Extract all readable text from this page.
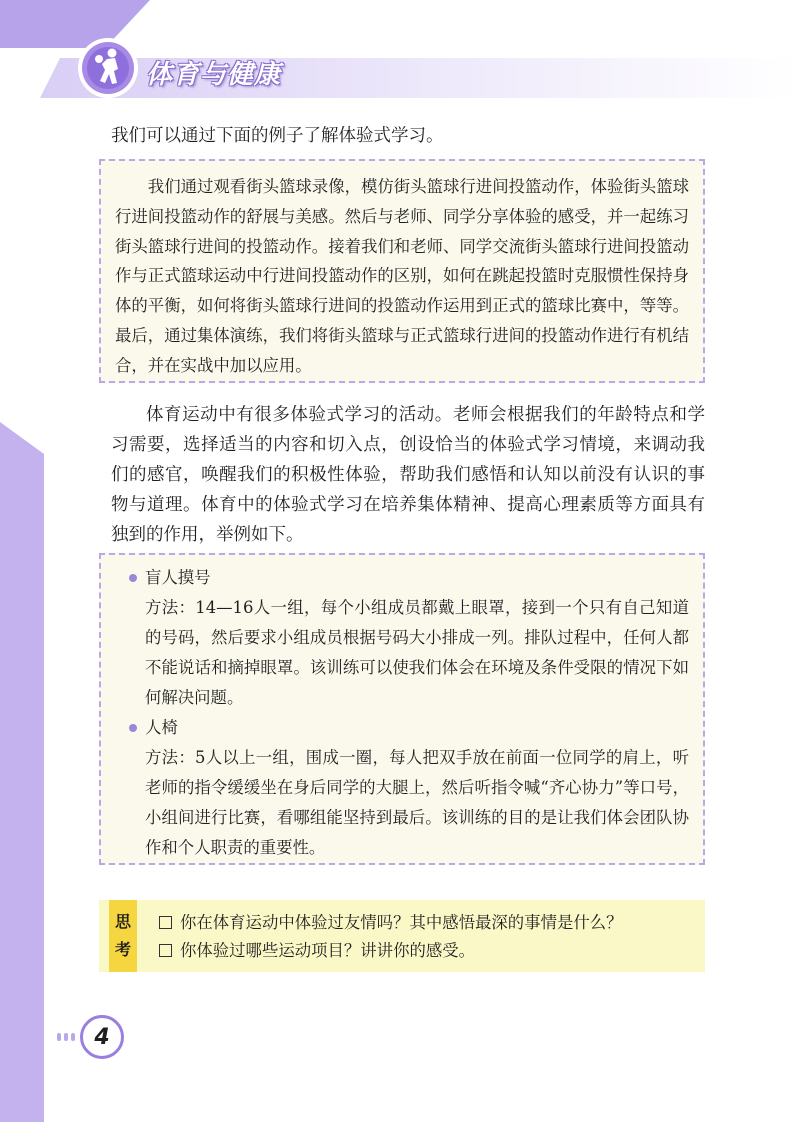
体育与健康

我们可以通过下面的例子了解体验式学习。

我们通过观看街头篮球录像，模仿街头篮球行进间投篮动作，体验街头篮球行进间投篮动作的舒展与美感。然后与老师、同学分享体验的感受，并一起练习街头篮球行进间的投篮动作。接着我们和老师、同学交流街头篮球行进间投篮动作与正式篮球运动中行进间投篮动作的区别，如何在跳起投篮时克服惯性保持身体的平衡，如何将街头篮球行进间的投篮动作运用到正式的篮球比赛中，等等。最后，通过集体演练，我们将街头篮球与正式篮球行进间的投篮动作进行有机结合，并在实战中加以应用。

体育运动中有很多体验式学习的活动。老师会根据我们的年龄特点和学习需要，选择适当的内容和切入点，创设恰当的体验式学习情境，来调动我们的感官，唤醒我们的积极性体验，帮助我们感悟和认知以前没有认识的事物与道理。体育中的体验式学习在培养集体精神、提高心理素质等方面具有独到的作用，举例如下。

盲人摸号

方法：14—16人一组，每个小组成员都戴上眼罩，接到一个只有自己知道的号码，然后要求小组成员根据号码大小排成一列。排队过程中，任何人都不能说话和摘掉眼罩。该训练可以使我们体会在环境及条件受限的情况下如何解决问题。

人椅

方法：5人以上一组，围成一圈，每人把双手放在前面一位同学的肩上，听老师的指令缓缓坐在身后同学的大腿上，然后听指令喊“齐心协力”等口号，小组间进行比赛，看哪组能坚持到最后。该训练的目的是让我们体会团队协作和个人职责的重要性。

思
考
你在体育运动中体验过友情吗？其中感悟最深的事情是什么？
你体验过哪些运动项目？讲讲你的感受。
4
